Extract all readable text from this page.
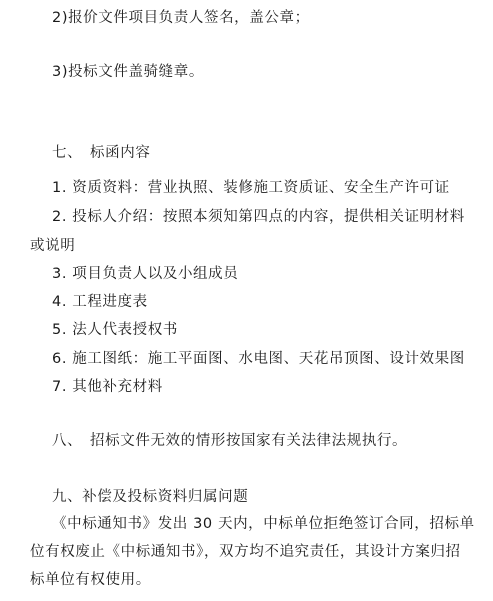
2)报价文件项目负责人签名，盖公章；
3)投标文件盖骑缝章。
七、　标函内容
1. 资质资料：营业执照、装修施工资质证、安全生产许可证
2. 投标人介绍：按照本须知第四点的内容，提供相关证明材料
或说明
3. 项目负责人以及小组成员
4. 工程进度表
5. 法人代表授权书
6. 施工图纸：施工平面图、水电图、天花吊顶图、设计效果图
7. 其他补充材料
八、　招标文件无效的情形按国家有关法律法规执行。
九、补偿及投标资料归属问题
《中标通知书》发出 30 天内，中标单位拒绝签订合同，招标单
位有权废止《中标通知书》，双方均不追究责任，其设计方案归招
标单位有权使用。
